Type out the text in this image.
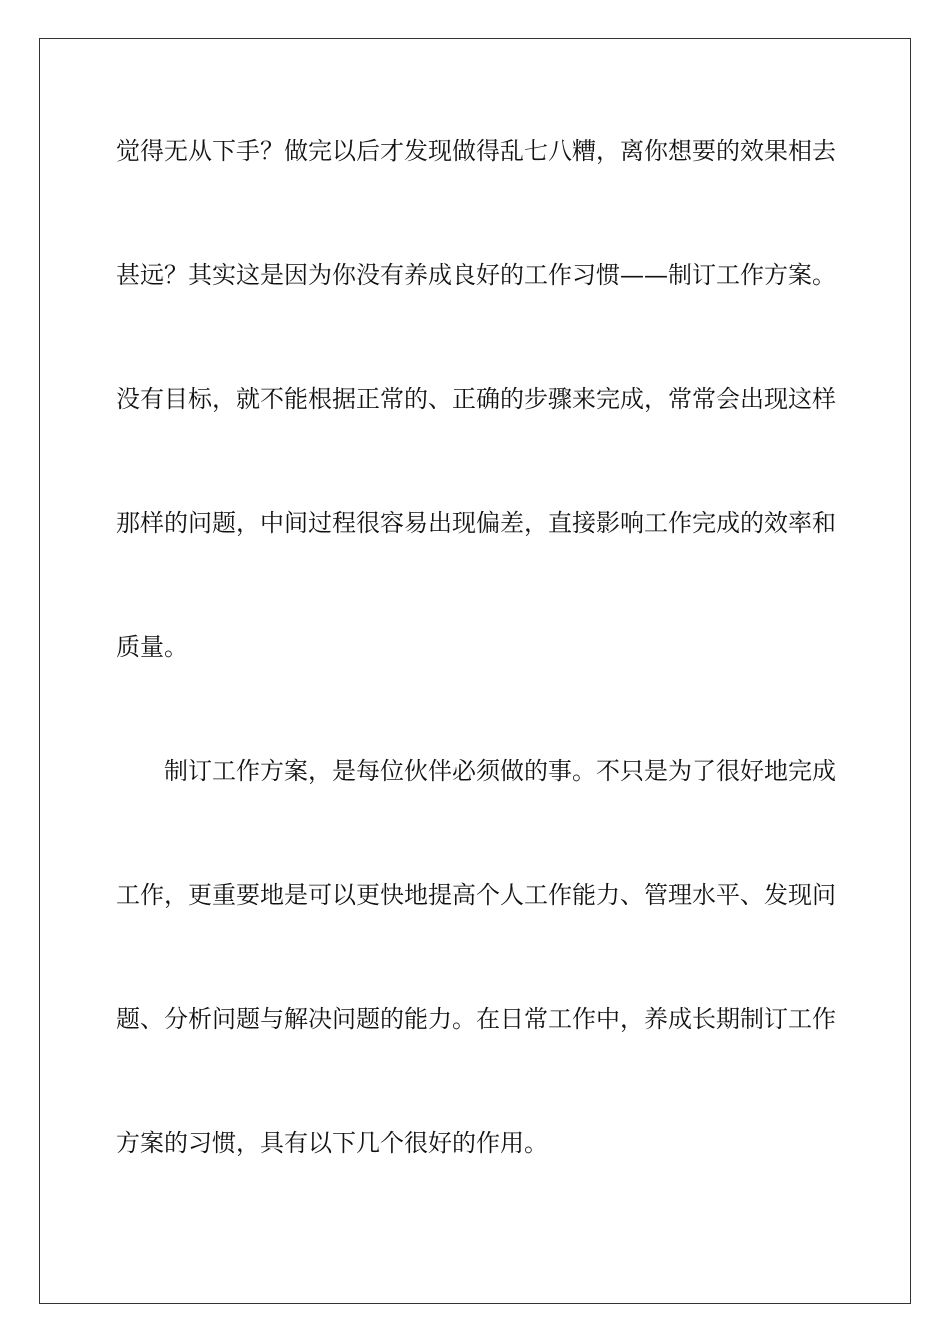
觉得无从下手？做完以后才发现做得乱七八糟，离你想要的效果相去
甚远？其实这是因为你没有养成良好的工作习惯——制订工作方案。
没有目标，就不能根据正常的、正确的步骤来完成，常常会出现这样
那样的问题，中间过程很容易出现偏差，直接影响工作完成的效率和
质量。
制订工作方案，是每位伙伴必须做的事。不只是为了很好地完成
工作，更重要地是可以更快地提高个人工作能力、管理水平、发现问
题、分析问题与解决问题的能力。在日常工作中，养成长期制订工作
方案的习惯，具有以下几个很好的作用。
